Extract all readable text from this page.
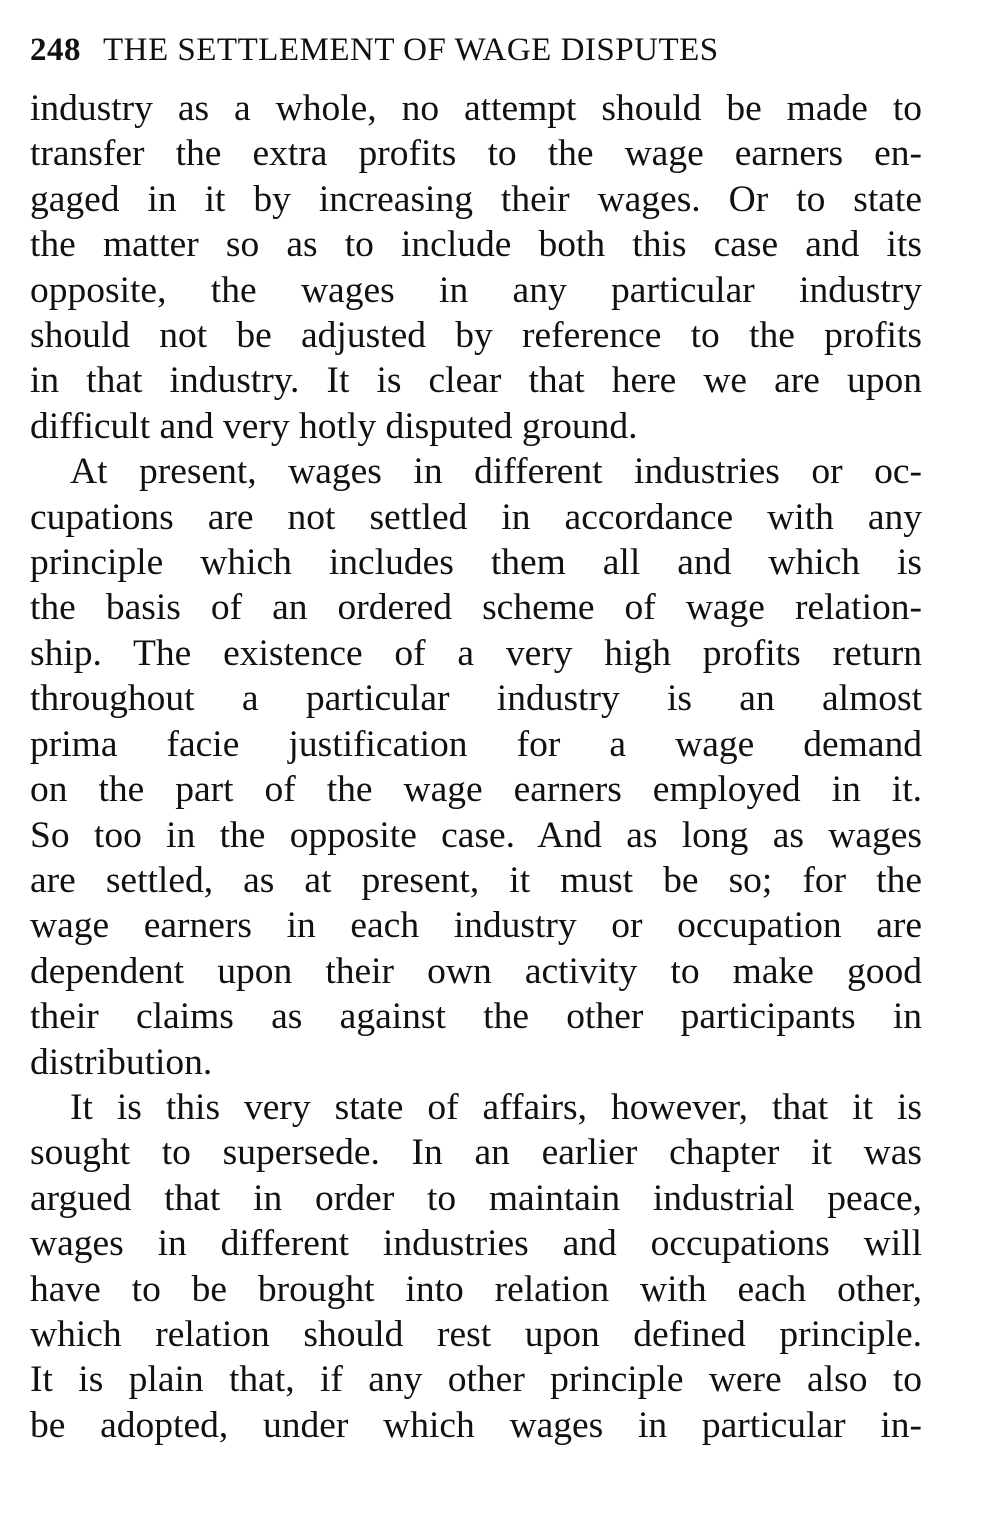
248 THE SETTLEMENT OF WAGE DISPUTES

industry as a whole, no attempt should be made to
transfer the extra profits to the wage earners en-
gaged in it by increasing their wages. Or to state
the matter so as to include both this case and its
opposite, the wages in any particular industry
should not be adjusted by reference to the profits
in that industry. It is clear that here we are upon
difficult and very hotly disputed ground.

At present, wages in different industries or oc-
cupations are not settled in accordance with any
principle which includes them all and which is
the basis of an ordered scheme of wage relation-
ship. The existence of a very high profits return
throughout a particular industry is an almost
prima facie justification for a wage demand
on the part of the wage earners employed in it.
So too in the opposite case. And as long as wages
are settled, as at present, it must be so; for the
wage earners in each industry or occupation are
dependent upon their own activity to make good
their claims as against the other participants in
distribution.

It is this very state of affairs, however, that it is
sought to supersede. In an earlier chapter it was
argued that in order to maintain industrial peace,
wages in different industries and occupations will
have to be brought into relation with each other,
which relation should rest upon defined principle.
It is plain that, if any other principle were also to
be adopted, under which wages in particular in-
